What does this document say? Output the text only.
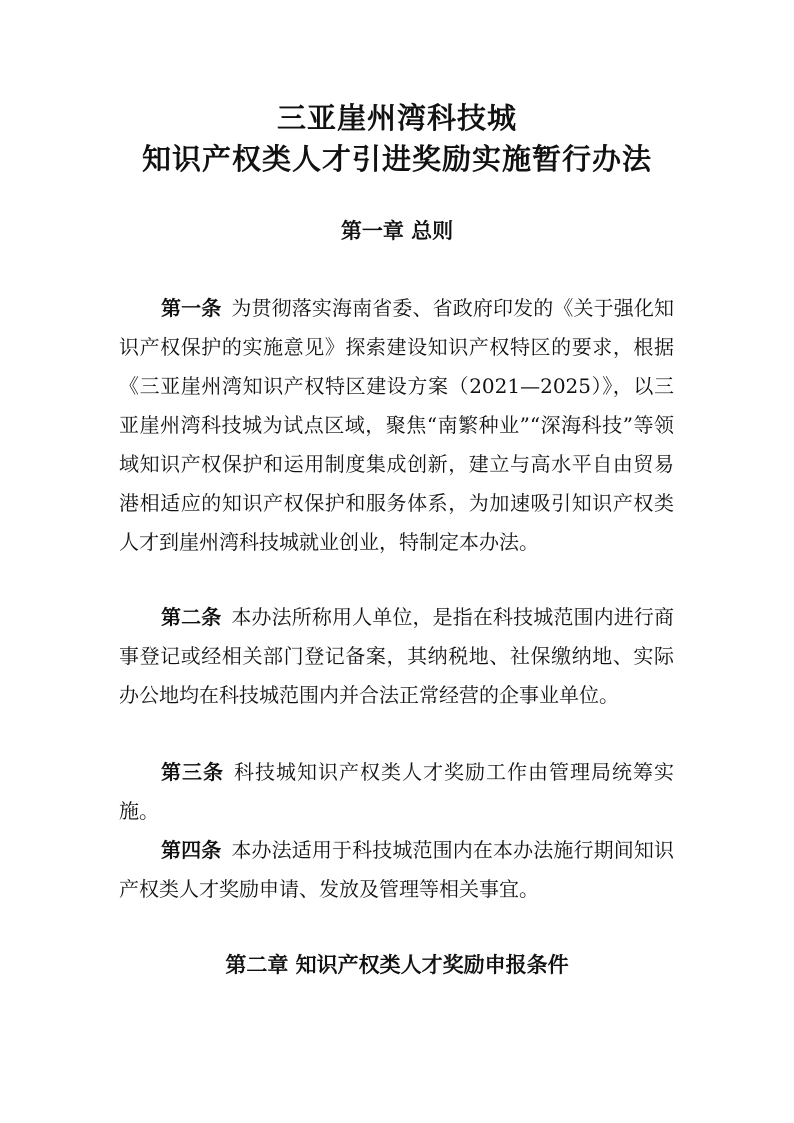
三亚崖州湾科技城
知识产权类人才引进奖励实施暂行办法
第一章 总则

第一条 为贯彻落实海南省委、省政府印发的《关于强化知识产权保护的实施意见》探索建设知识产权特区的要求，根据《三亚崖州湾知识产权特区建设方案（2021—2025）》，以三亚崖州湾科技城为试点区域，聚焦“南繁种业”“深海科技”等领域知识产权保护和运用制度集成创新，建立与高水平自由贸易港相适应的知识产权保护和服务体系，为加速吸引知识产权类人才到崖州湾科技城就业创业，特制定本办法。

第二条 本办法所称用人单位，是指在科技城范围内进行商事登记或经相关部门登记备案，其纳税地、社保缴纳地、实际办公地均在科技城范围内并合法正常经营的企事业单位。

第三条 科技城知识产权类人才奖励工作由管理局统筹实施。

第四条 本办法适用于科技城范围内在本办法施行期间知识产权类人才奖励申请、发放及管理等相关事宜。

第二章 知识产权类人才奖励申报条件
